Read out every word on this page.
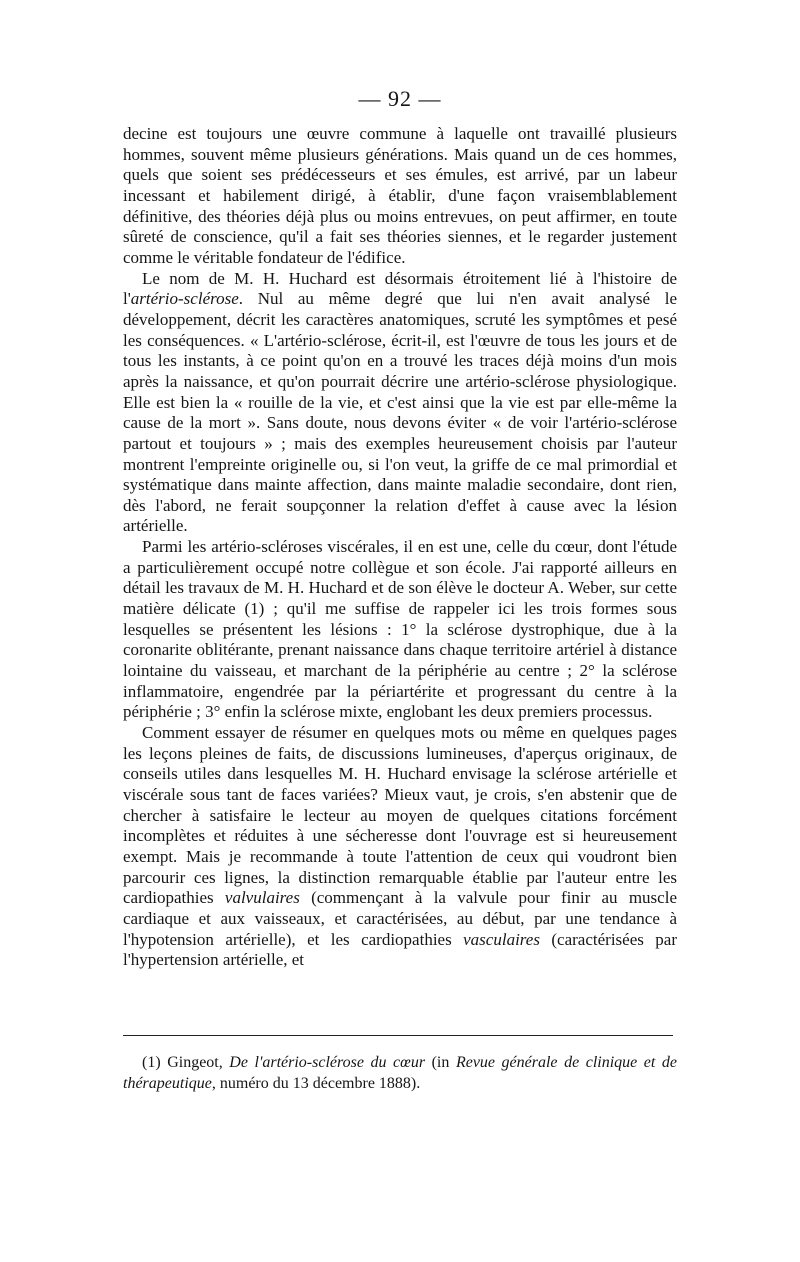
— 92 —

decine est toujours une œuvre commune à laquelle ont travaillé plusieurs hommes, souvent même plusieurs générations. Mais quand un de ces hommes, quels que soient ses prédécesseurs et ses émules, est arrivé, par un labeur incessant et habilement dirigé, à établir, d'une façon vraisemblablement définitive, des théories déjà plus ou moins entrevues, on peut affirmer, en toute sûreté de conscience, qu'il a fait ses théories siennes, et le regarder justement comme le véritable fondateur de l'édifice.

Le nom de M. H. Huchard est désormais étroitement lié à l'histoire de l'artério-sclérose. Nul au même degré que lui n'en avait analysé le développement, décrit les caractères anatomiques, scruté les symptômes et pesé les conséquences. « L'artério-sclérose, écrit-il, est l'œuvre de tous les jours et de tous les instants, à ce point qu'on en a trouvé les traces déjà moins d'un mois après la naissance, et qu'on pourrait décrire une artério-sclérose physiologique. Elle est bien la « rouille de la vie, et c'est ainsi que la vie est par elle-même la cause de la mort ». Sans doute, nous devons éviter « de voir l'artério-sclérose partout et toujours » ; mais des exemples heureusement choisis par l'auteur montrent l'empreinte originelle ou, si l'on veut, la griffe de ce mal primordial et systématique dans mainte affection, dans mainte maladie secondaire, dont rien, dès l'abord, ne ferait soupçonner la relation d'effet à cause avec la lésion artérielle.

Parmi les artério-scléroses viscérales, il en est une, celle du cœur, dont l'étude a particulièrement occupé notre collègue et son école. J'ai rapporté ailleurs en détail les travaux de M. H. Huchard et de son élève le docteur A. Weber, sur cette matière délicate (1) ; qu'il me suffise de rappeler ici les trois formes sous lesquelles se présentent les lésions : 1° la sclérose dystrophique, due à la coronarite oblitérante, prenant naissance dans chaque territoire artériel à distance lointaine du vaisseau, et marchant de la périphérie au centre ; 2° la sclérose inflammatoire, engendrée par la périartérite et progressant du centre à la périphérie ; 3° enfin la sclérose mixte, englobant les deux premiers processus.

Comment essayer de résumer en quelques mots ou même en quelques pages les leçons pleines de faits, de discussions lumineuses, d'aperçus originaux, de conseils utiles dans lesquelles M. H. Huchard envisage la sclérose artérielle et viscérale sous tant de faces variées? Mieux vaut, je crois, s'en abstenir que de chercher à satisfaire le lecteur au moyen de quelques citations forcément incomplètes et réduites à une sécheresse dont l'ouvrage est si heureusement exempt. Mais je recommande à toute l'attention de ceux qui voudront bien parcourir ces lignes, la distinction remarquable établie par l'auteur entre les cardiopathies valvulaires (commençant à la valvule pour finir au muscle cardiaque et aux vaisseaux, et caractérisées, au début, par une tendance à l'hypotension artérielle), et les cardiopathies vasculaires (caractérisées par l'hypertension artérielle, et

(1) Gingeot, De l'artério-sclérose du cœur (in Revue générale de clinique et de thérapeutique, numéro du 13 décembre 1888).
